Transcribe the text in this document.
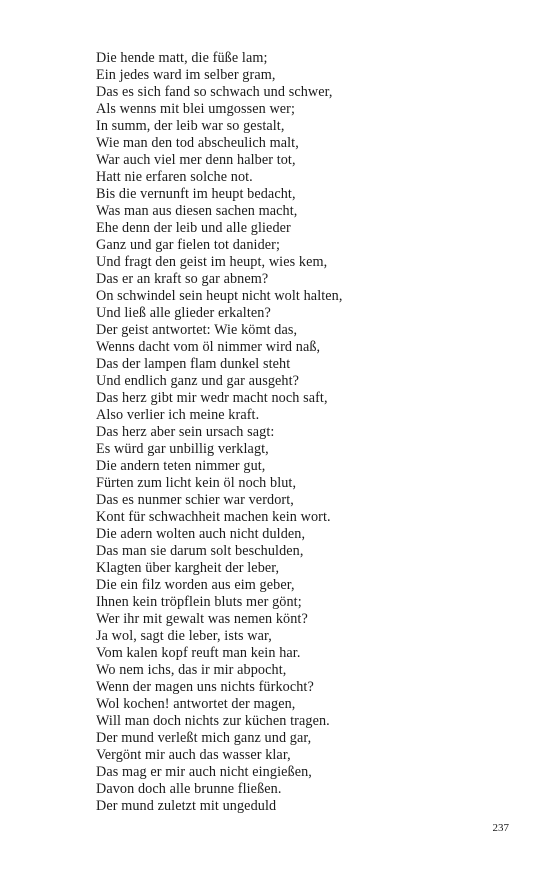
Die hende matt, die füße lam;
Ein jedes ward im selber gram,
Das es sich fand so schwach und schwer,
Als wenns mit blei umgossen wer;
In summ, der leib war so gestalt,
Wie man den tod abscheulich malt,
War auch viel mer denn halber tot,
Hatt nie erfaren solche not.
Bis die vernunft im heupt bedacht,
Was man aus diesen sachen macht,
Ehe denn der leib und alle glieder
Ganz und gar fielen tot danider;
Und fragt den geist im heupt, wies kem,
Das er an kraft so gar abnem?
On schwindel sein heupt nicht wolt halten,
Und ließ alle glieder erkalten?
Der geist antwortet: Wie kömt das,
Wenns dacht vom öl nimmer wird naß,
Das der lampen flam dunkel steht
Und endlich ganz und gar ausgeht?
Das herz gibt mir wedr macht noch saft,
Also verlier ich meine kraft.
Das herz aber sein ursach sagt:
Es würd gar unbillig verklagt,
Die andern teten nimmer gut,
Fürten zum licht kein öl noch blut,
Das es nunmer schier war verdort,
Kont für schwachheit machen kein wort.
Die adern wolten auch nicht dulden,
Das man sie darum solt beschulden,
Klagten über kargheit der leber,
Die ein filz worden aus eim geber,
Ihnen kein tröpflein bluts mer gönt;
Wer ihr mit gewalt was nemen könt?
Ja wol, sagt die leber, ists war,
Vom kalen kopf reuft man kein har.
Wo nem ichs, das ir mir abpocht,
Wenn der magen uns nichts fürkocht?
Wol kochen! antwortet der magen,
Will man doch nichts zur küchen tragen.
Der mund verleßt mich ganz und gar,
Vergönt mir auch das wasser klar,
Das mag er mir auch nicht eingießen,
Davon doch alle brunne fließen.
Der mund zuletzt mit ungeduld
237
